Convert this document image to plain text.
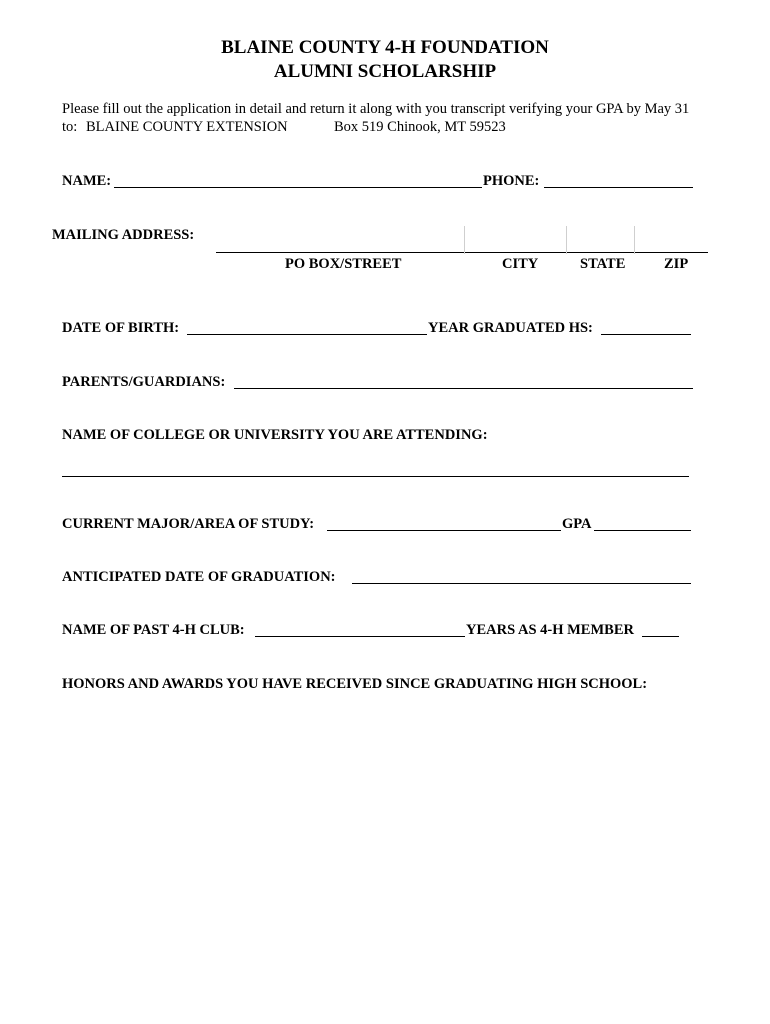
BLAINE COUNTY 4-H FOUNDATION
ALUMNI SCHOLARSHIP
Please fill out the application in detail and return it along with you transcript verifying your GPA by May 31
to: BLAINE COUNTY EXTENSION	Box 519 Chinook, MT 59523
NAME:	PHONE:
MAILING ADDRESS:
PO BOX/STREET	CITY	STATE	ZIP
DATE OF BIRTH:	YEAR GRADUATED HS:
PARENTS/GUARDIANS:
NAME OF COLLEGE OR UNIVERSITY YOU ARE ATTENDING:
CURRENT MAJOR/AREA OF STUDY:	GPA
ANTICIPATED DATE OF GRADUATION:
NAME OF PAST 4-H CLUB:	YEARS AS 4-H MEMBER
HONORS AND AWARDS YOU HAVE RECEIVED SINCE GRADUATING HIGH SCHOOL:
